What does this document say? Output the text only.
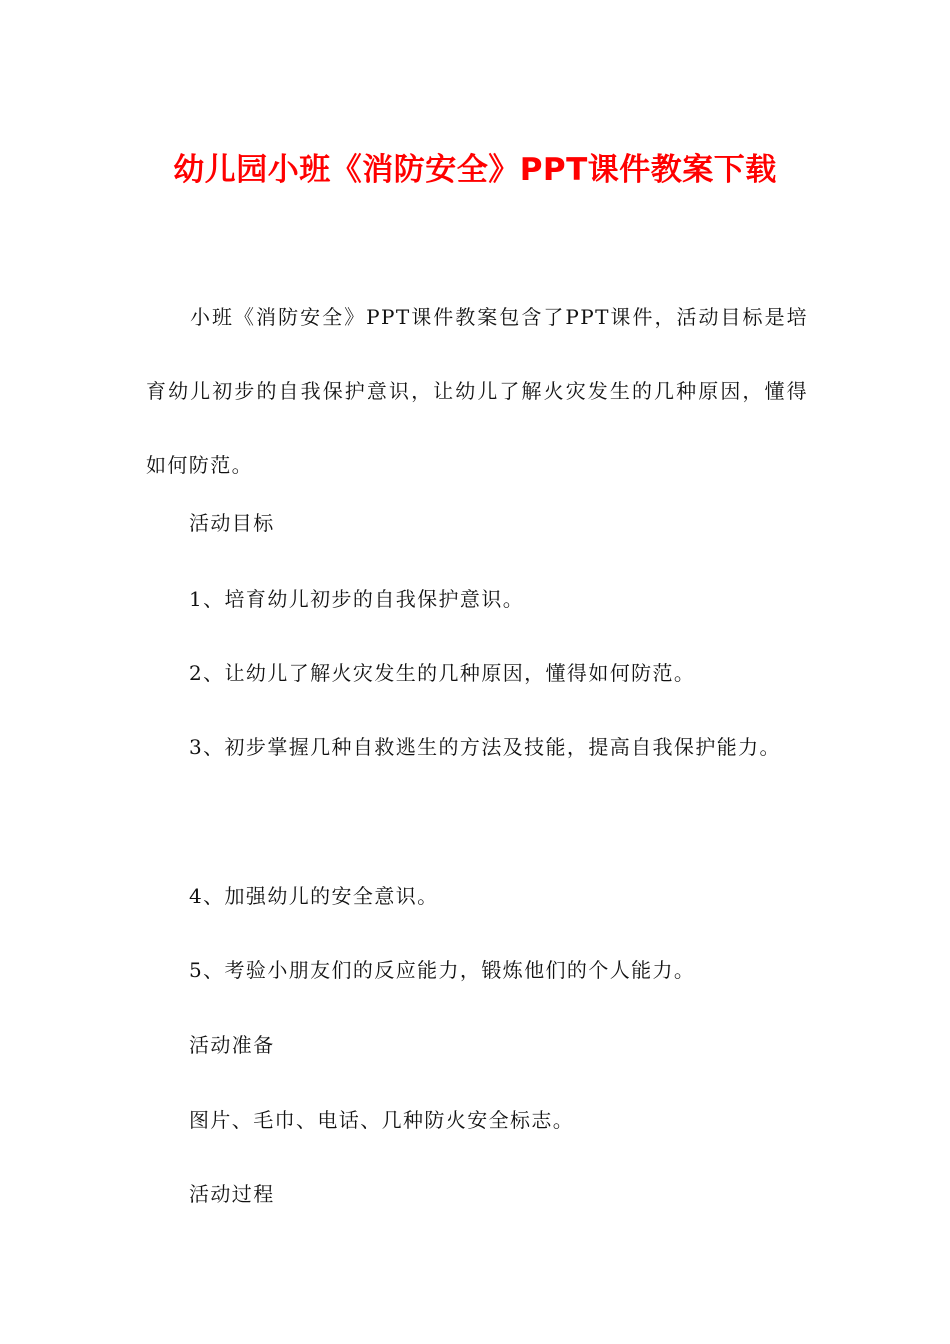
幼儿园小班《消防安全》PPT课件教案下载

小班《消防安全》PPT课件教案包含了PPT课件，活动目标是培育幼儿初步的自我保护意识，让幼儿了解火灾发生的几种原因，懂得如何防范。

活动目标

1、培育幼儿初步的自我保护意识。

2、让幼儿了解火灾发生的几种原因，懂得如何防范。

3、初步掌握几种自救逃生的方法及技能，提高自我保护能力。

4、加强幼儿的安全意识。

5、考验小朋友们的反应能力，锻炼他们的个人能力。

活动准备

图片、毛巾、电话、几种防火安全标志。

活动过程
